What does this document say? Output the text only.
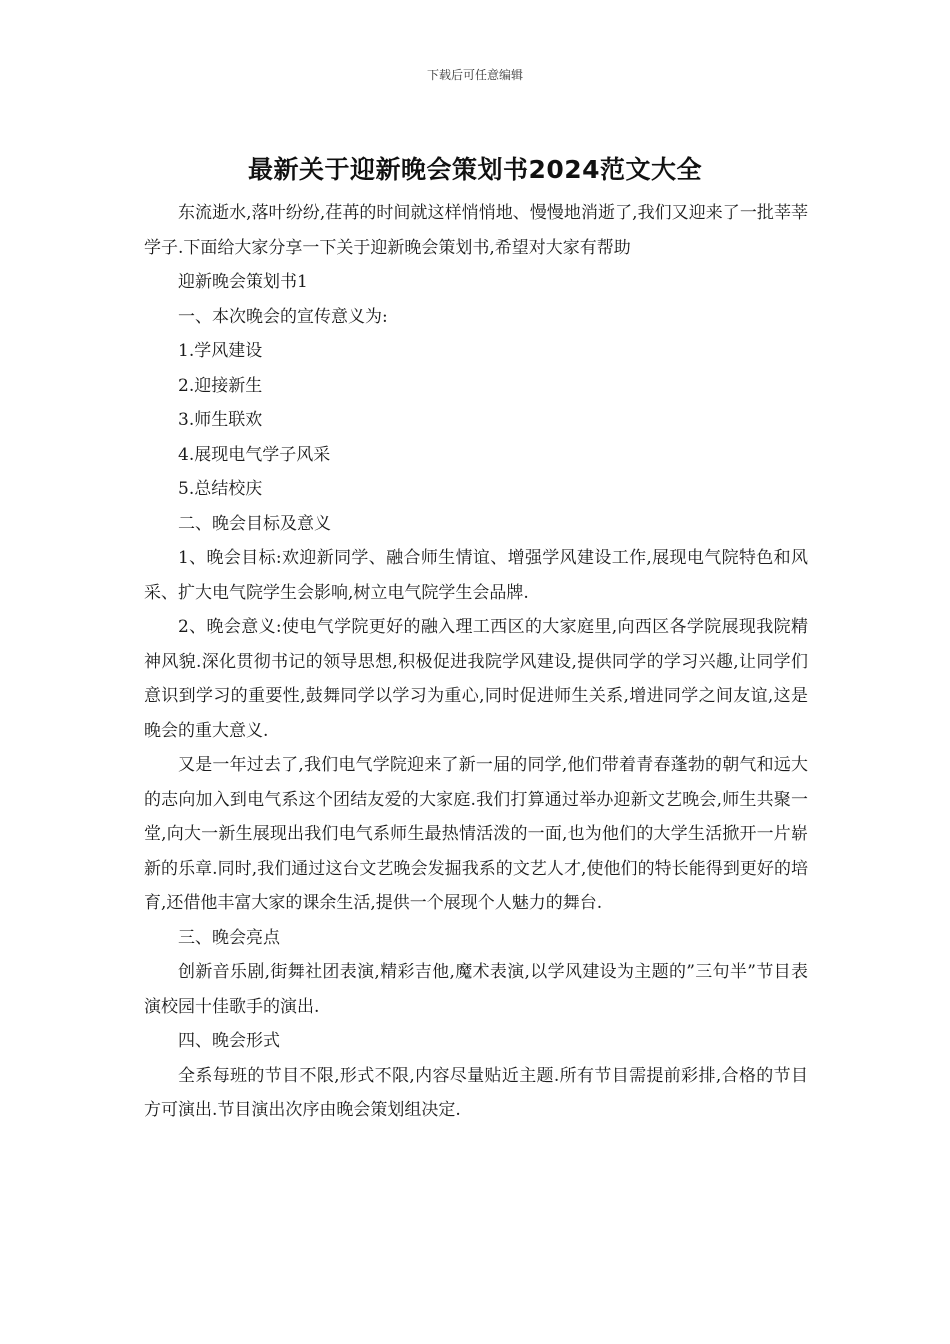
下载后可任意编辑
最新关于迎新晚会策划书2024范文大全

东流逝水,落叶纷纷,荏苒的时间就这样悄悄地、慢慢地消逝了,我们又迎来了一批莘莘学子.下面给大家分享一下关于迎新晚会策划书,希望对大家有帮助

迎新晚会策划书1

一、本次晚会的宣传意义为:

1.学风建设

2.迎接新生

3.师生联欢

4.展现电气学子风采

5.总结校庆

二、晚会目标及意义

1、晚会目标:欢迎新同学、融合师生情谊、增强学风建设工作,展现电气院特色和风采、扩大电气院学生会影响,树立电气院学生会品牌.

2、晚会意义:使电气学院更好的融入理工西区的大家庭里,向西区各学院展现我院精神风貌.深化贯彻书记的领导思想,积极促进我院学风建设,提供同学的学习兴趣,让同学们意识到学习的重要性,鼓舞同学以学习为重心,同时促进师生关系,增进同学之间友谊,这是晚会的重大意义.

又是一年过去了,我们电气学院迎来了新一届的同学,他们带着青春蓬勃的朝气和远大的志向加入到电气系这个团结友爱的大家庭.我们打算通过举办迎新文艺晚会,师生共聚一堂,向大一新生展现出我们电气系师生最热情活泼的一面,也为他们的大学生活掀开一片崭新的乐章.同时,我们通过这台文艺晚会发掘我系的文艺人才,使他们的特长能得到更好的培育,还借他丰富大家的课余生活,提供一个展现个人魅力的舞台.

三、晚会亮点

创新音乐剧,街舞社团表演,精彩吉他,魔术表演,以学风建设为主题的”三句半”节目表演校园十佳歌手的演出.

四、晚会形式

全系每班的节目不限,形式不限,内容尽量贴近主题.所有节目需提前彩排,合格的节目方可演出.节目演出次序由晚会策划组决定.
